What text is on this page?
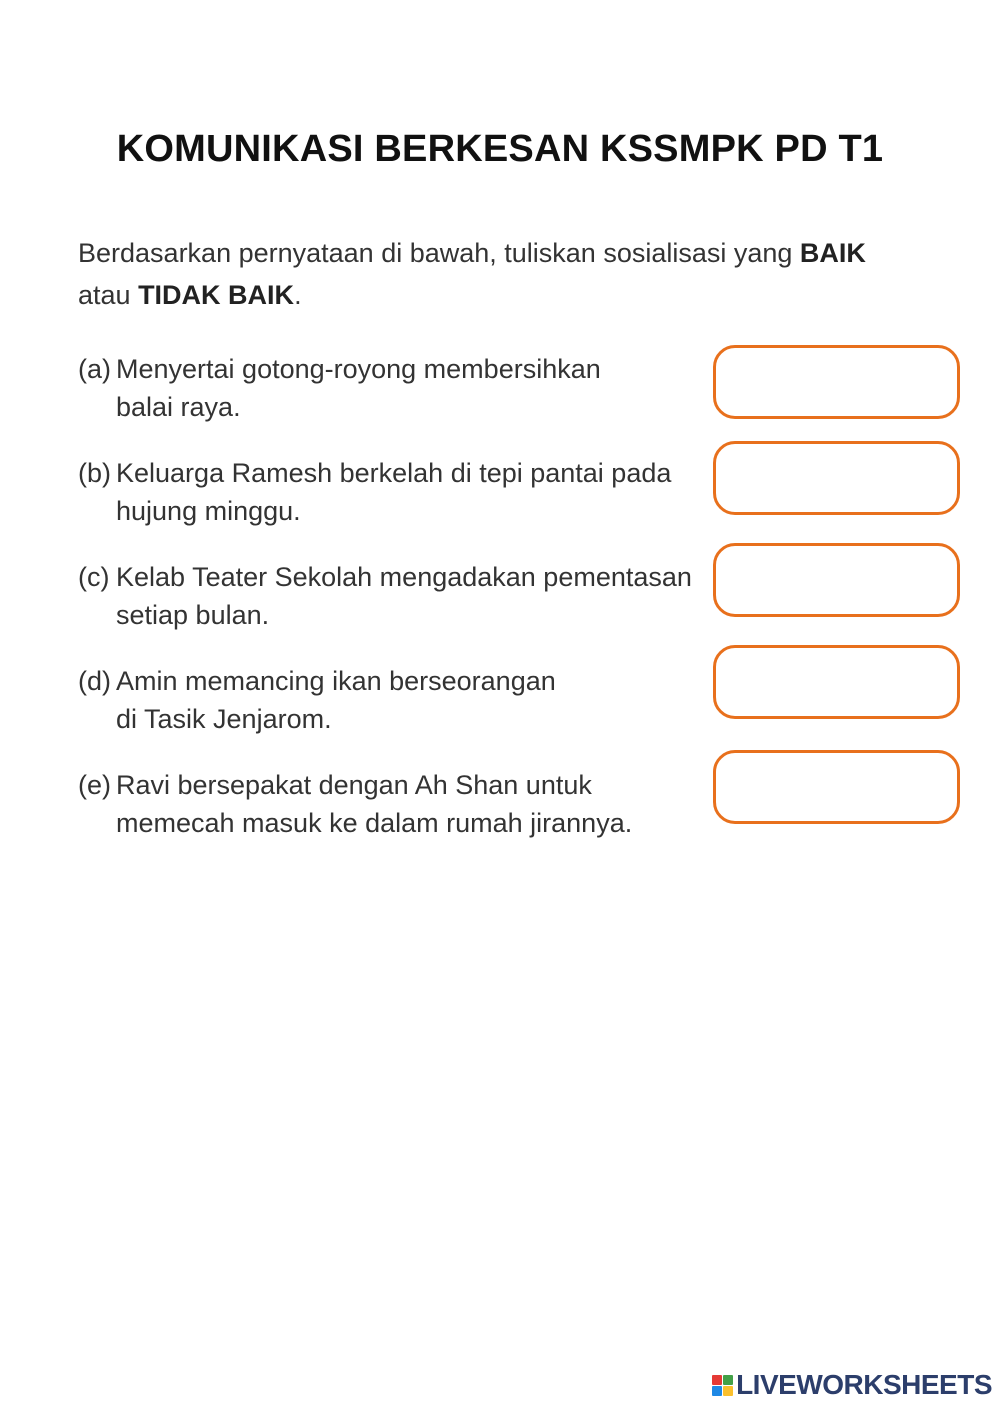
KOMUNIKASI BERKESAN KSSMPK PD T1
Berdasarkan pernyataan di bawah, tuliskan sosialisasi yang BAIK
atau TIDAK BAIK.
(a) Menyertai gotong-royong membersihkan
balai raya.
(b) Keluarga Ramesh berkelah di tepi pantai pada
hujung minggu.
(c) Kelab Teater Sekolah mengadakan pementasan
setiap bulan.
(d) Amin memancing ikan berseorangan
di Tasik Jenjarom.
(e) Ravi bersepakat dengan Ah Shan untuk
memecah masuk ke dalam rumah jirannya.
LIVEWORKSHEETS
